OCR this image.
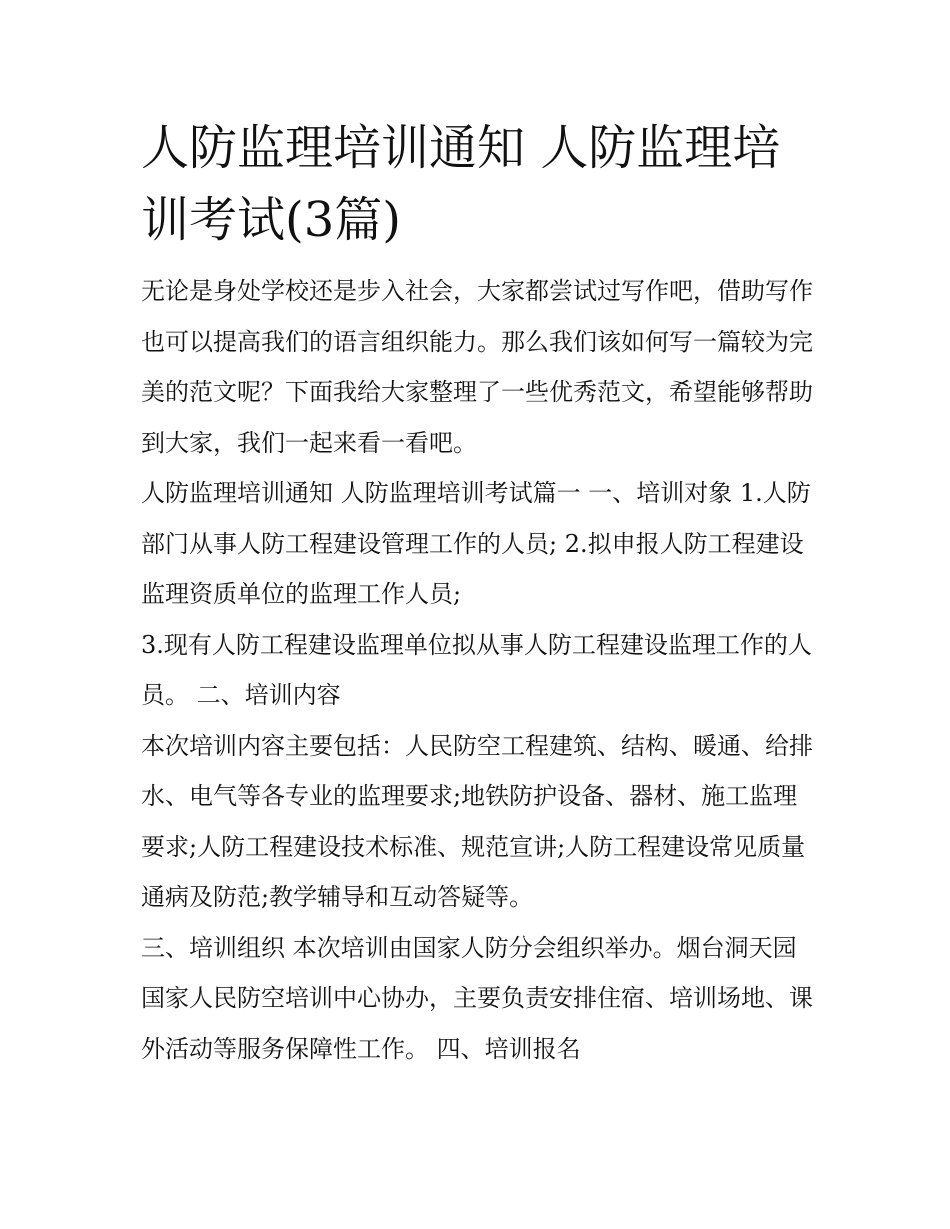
人防监理培训通知 人防监理培训考试(3篇)

无论是身处学校还是步入社会，大家都尝试过写作吧，借助写作也可以提高我们的语言组织能力。那么我们该如何写一篇较为完美的范文呢？下面我给大家整理了一些优秀范文，希望能够帮助到大家，我们一起来看一看吧。

人防监理培训通知 人防监理培训考试篇一 一、培训对象 1.人防部门从事人防工程建设管理工作的人员; 2.拟申报人防工程建设监理资质单位的监理工作人员;

3.现有人防工程建设监理单位拟从事人防工程建设监理工作的人员。 二、培训内容

本次培训内容主要包括：人民防空工程建筑、结构、暖通、给排水、电气等各专业的监理要求;地铁防护设备、器材、施工监理要求;人防工程建设技术标准、规范宣讲;人防工程建设常见质量通病及防范;教学辅导和互动答疑等。

三、培训组织 本次培训由国家人防分会组织举办。烟台洞天园国家人民防空培训中心协办，主要负责安排住宿、培训场地、课外活动等服务保障性工作。 四、培训报名
